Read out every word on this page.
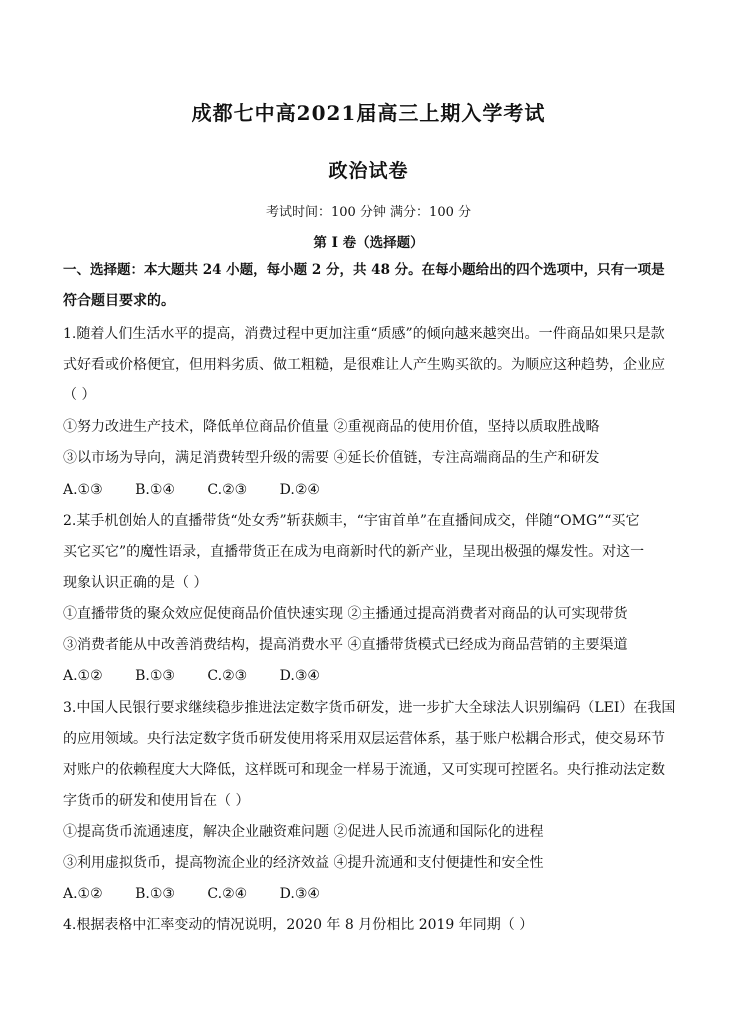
成都七中高2021届高三上期入学考试
政治试卷
考试时间：100 分钟 满分：100 分
第 I 卷（选择题）
一、选择题：本大题共 24 小题，每小题 2 分，共 48 分。在每小题给出的四个选项中，只有一项是
符合题目要求的。
1.随着人们生活水平的提高，消费过程中更加注重“质感”的倾向越来越突出。一件商品如果只是款
式好看或价格便宜，但用料劣质、做工粗糙，是很难让人产生购买欲的。为顺应这种趋势，企业应
（ ）
①努力改进生产技术，降低单位商品价值量 ②重视商品的使用价值，坚持以质取胜战略
③以市场为导向，满足消费转型升级的需要 ④延长价值链，专注高端商品的生产和研发
A.①③ B.①④ C.②③ D.②④
2.某手机创始人的直播带货“处女秀”斩获颇丰，“宇宙首单”在直播间成交，伴随“OMG”“买它
买它买它”的魔性语录，直播带货正在成为电商新时代的新产业，呈现出极强的爆发性。对这一
现象认识正确的是（ ）
①直播带货的聚众效应促使商品价值快速实现 ②主播通过提高消费者对商品的认可实现带货
③消费者能从中改善消费结构，提高消费水平 ④直播带货模式已经成为商品营销的主要渠道
A.①② B.①③ C.②③ D.③④
3.中国人民银行要求继续稳步推进法定数字货币研发，进一步扩大全球法人识别编码（LEI）在我国
的应用领域。央行法定数字货币研发使用将采用双层运营体系，基于账户松耦合形式，使交易环节
对账户的依赖程度大大降低，这样既可和现金一样易于流通，又可实现可控匿名。央行推动法定数
字货币的研发和使用旨在（ ）
①提高货币流通速度，解决企业融资难问题 ②促进人民币流通和国际化的进程
③利用虚拟货币，提高物流企业的经济效益 ④提升流通和支付便捷性和安全性
A.①② B.①③ C.②④ D.③④
4.根据表格中汇率变动的情况说明，2020 年 8 月份相比 2019 年同期（ ）
